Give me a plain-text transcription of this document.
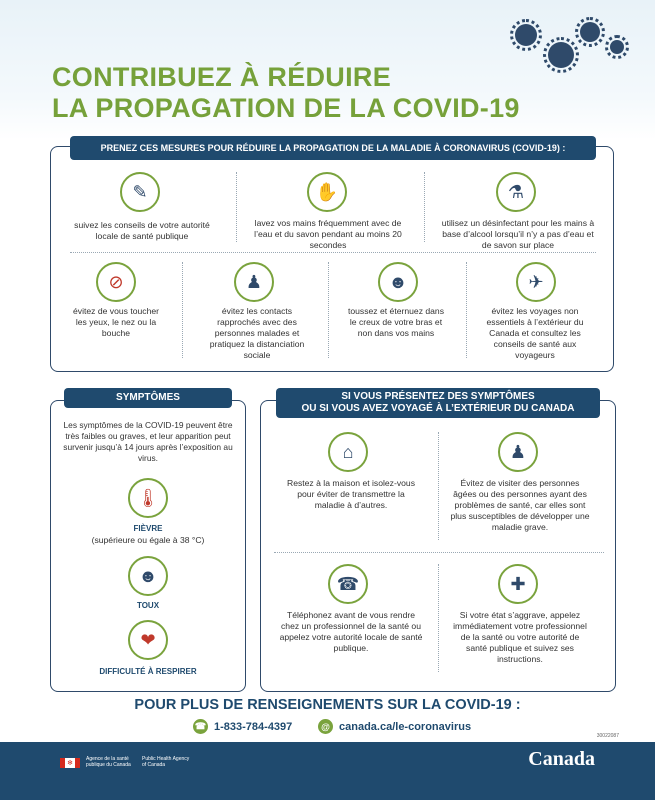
CONTRIBUEZ À RÉDUIRE
LA PROPAGATION DE LA COVID-19
PRENEZ CES MESURES POUR RÉDUIRE LA PROPAGATION DE LA MALADIE À CORONAVIRUS (COVID-19) :
✎	✋	⚗
suivez les conseils de votre autorité locale de santé publique
lavez vos mains fréquemment avec de l’eau et du savon pendant au moins 20 secondes
utilisez un désinfectant pour les mains à base d’alcool lorsqu’il n’y a pas d’eau et de savon sur place
⊘	♟	☻	✈
évitez de vous toucher les yeux, le nez ou la bouche
évitez les contacts rapprochés avec des personnes malades et pratiquez la distanciation sociale
toussez et éternuez dans le creux de votre bras et non dans vos mains
évitez les voyages non essentiels à l’extérieur du Canada et consultez les conseils de santé aux voyageurs
SYMPTÔMES
Les symptômes de la COVID-19 peuvent être très faibles ou graves, et leur apparition peut survenir jusqu’à 14 jours après l’exposition au virus.
🌡
FIÈVRE
(supérieure ou égale à 38 °C)
☻
TOUX
❤
DIFFICULTÉ À RESPIRER
SI VOUS PRÉSENTEZ DES SYMPTÔMES
OU SI VOUS AVEZ VOYAGÉ À L’EXTÉRIEUR DU CANADA
⌂	♟
Restez à la maison et isolez-vous pour éviter de transmettre la maladie à d’autres.
Évitez de visiter des personnes âgées ou des personnes ayant des problèmes de santé, car elles sont plus susceptibles de développer une maladie grave.
☎	✚
Téléphonez avant de vous rendre chez un professionnel de la santé ou appelez votre autorité locale de santé publique.
Si votre état s’aggrave, appelez immédiatement votre professionnel de la santé ou votre autorité de santé publique et suivez ses instructions.
POUR PLUS DE RENSEIGNEMENTS SUR LA COVID-19 :
☎ 1-833-784-4397	@ canada.ca/le-coronavirus
30022087
❄
Agence de la santé publique du Canada
Public Health Agency of Canada	Canada
